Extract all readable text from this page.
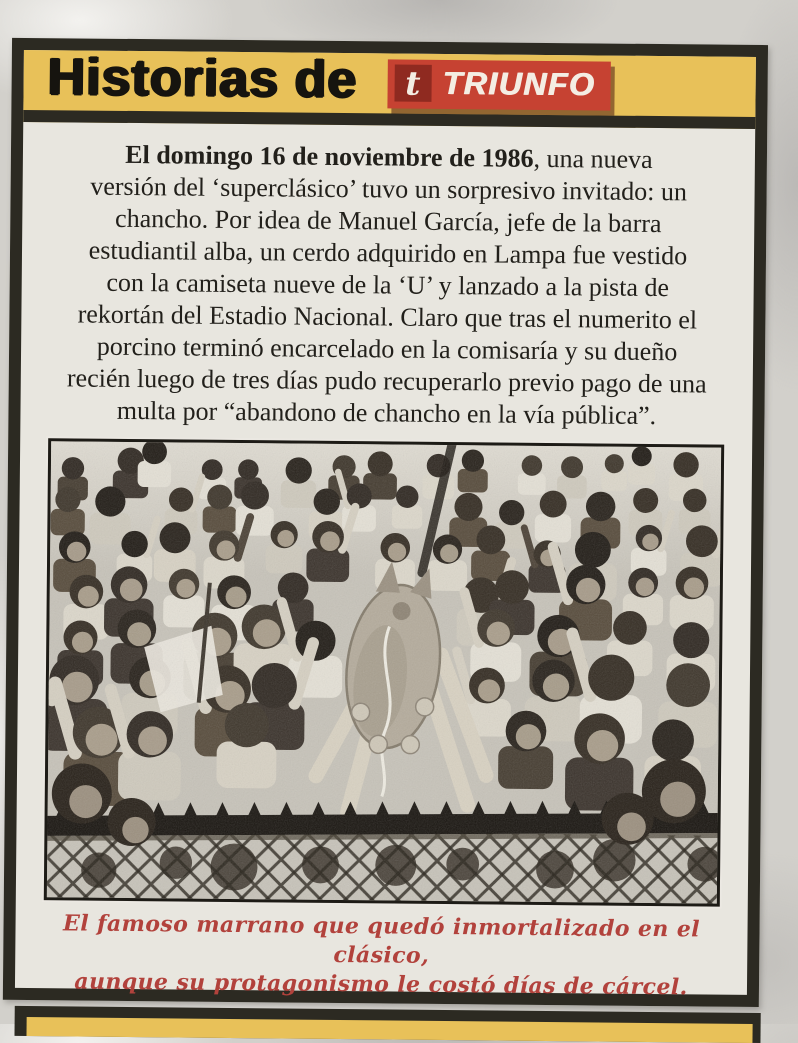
Historias de	t TRIUNFO
El domingo 16 de noviembre de 1986, una nueva
versión del ‘superclásico’ tuvo un sorpresivo invitado: un
chancho. Por idea de Manuel García, jefe de la barra
estudiantil alba, un cerdo adquirido en Lampa fue vestido
con la camiseta nueve de la ‘U’ y lanzado a la pista de
rekortán del Estadio Nacional. Claro que tras el numerito el
porcino terminó encarcelado en la comisaría y su dueño
recién luego de tres días pudo recuperarlo previo pago de una
multa por “abandono de chancho en la vía pública”.
El famoso marrano que quedó inmortalizado en el clásico,
aunque su protagonismo le costó días de cárcel.
